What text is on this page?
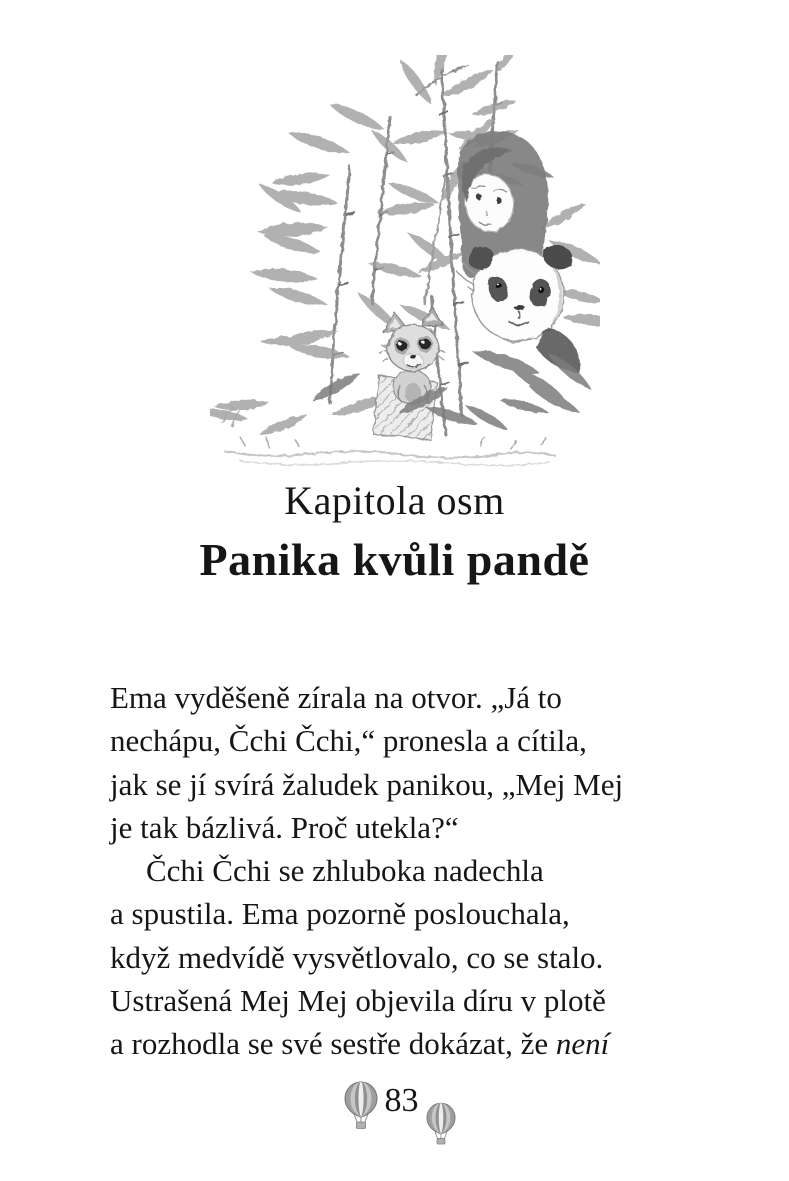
Kapitola osm
Panika kvůli pandě
Ema vyděšeně zírala na otvor. „Já to
nechápu, Čchi Čchi,“ pronesla a cítila,
jak se jí svírá žaludek panikou, „Mej Mej
je tak bázlivá. Proč utekla?“
Čchi Čchi se zhluboka nadechla
a spustila. Ema pozorně poslouchala,
když medvídě vysvětlovalo, co se stalo.
Ustrašená Mej Mej objevila díru v plotě
a rozhodla se své sestře dokázat, že není
83
